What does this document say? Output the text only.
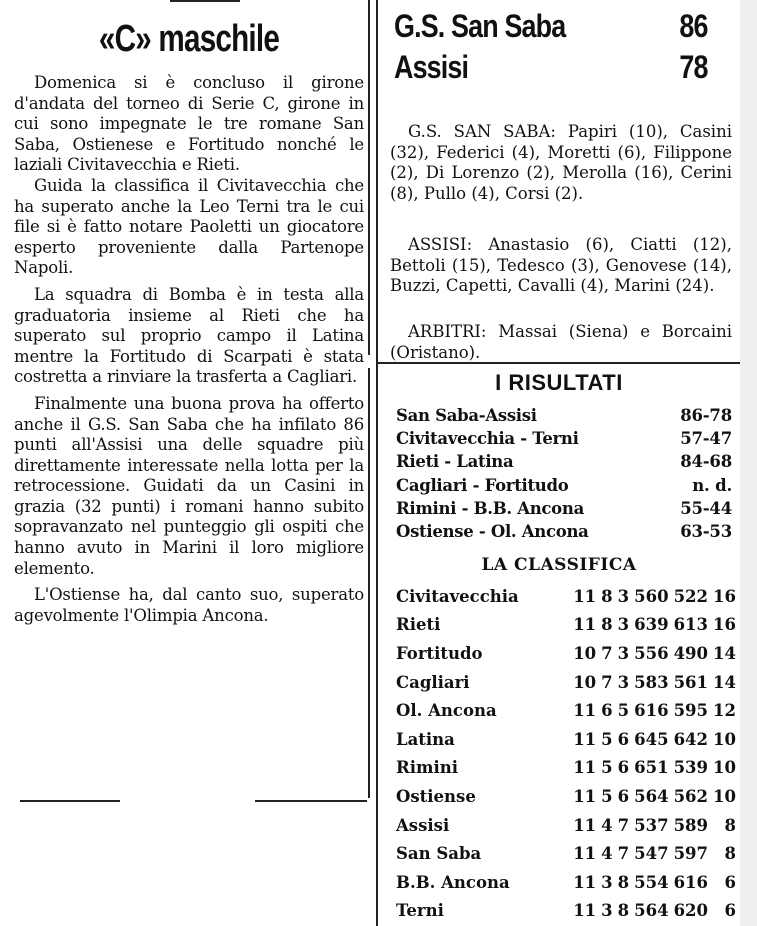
«C» maschile

Domenica si è concluso il girone d'andata del torneo di Serie C, girone in cui sono impegnate le tre romane San Saba, Ostienese e Fortitudo nonché le laziali Civitavecchia e Rieti.

Guida la classifica il Civitavecchia che ha superato anche la Leo Terni tra le cui file si è fatto notare Paoletti un giocatore esperto proveniente dalla Partenope Napoli.

La squadra di Bomba è in testa alla graduatoria insieme al Rieti che ha superato sul proprio campo il Latina mentre la Fortitudo di Scarpati è stata costretta a rinviare la trasferta a Cagliari.

Finalmente una buona prova ha offerto anche il G.S. San Saba che ha infilato 86 punti all'Assisi una delle squadre più direttamente interessate nella lotta per la retrocessione. Guidati da un Casini in grazia (32 punti) i romani hanno subito sopravanzato nel punteggio gli ospiti che hanno avuto in Marini il loro migliore elemento.

L'Ostiense ha, dal canto suo, superato agevolmente l'Olimpia Ancona.

G.S. San Saba	86
Assisi	78

G.S. SAN SABA: Papiri (10), Casini (32), Federici (4), Moretti (6), Filippone (2), Di Lorenzo (2), Merolla (16), Cerini (8), Pullo (4), Corsi (2).

ASSISI: Anastasio (6), Ciatti (12), Bettoli (15), Tedesco (3), Genovese (14), Buzzi, Capetti, Cavalli (4), Marini (24).

ARBITRI: Massai (Siena) e Borcaini (Oristano).

I RISULTATI
San Saba-Assisi	86-78
Civitavecchia - Terni	57-47
Rieti - Latina	84-68
Cagliari - Fortitudo	n. d.
Rimini - B.B. Ancona	55-44
Ostiense - Ol. Ancona	63-53
LA CLASSIFICA
Civitavecchia	11	8	3	560	522	16
Rieti	11	8	3	639	613	16
Fortitudo	10	7	3	556	490	14
Cagliari	10	7	3	583	561	14
Ol. Ancona	11	6	5	616	595	12
Latina	11	5	6	645	642	10
Rimini	11	5	6	651	539	10
Ostiense	11	5	6	564	562	10
Assisi	11	4	7	537	589	8
San Saba	11	4	7	547	597	8
B.B. Ancona	11	3	8	554	616	6
Terni	11	3	8	564	620	6
